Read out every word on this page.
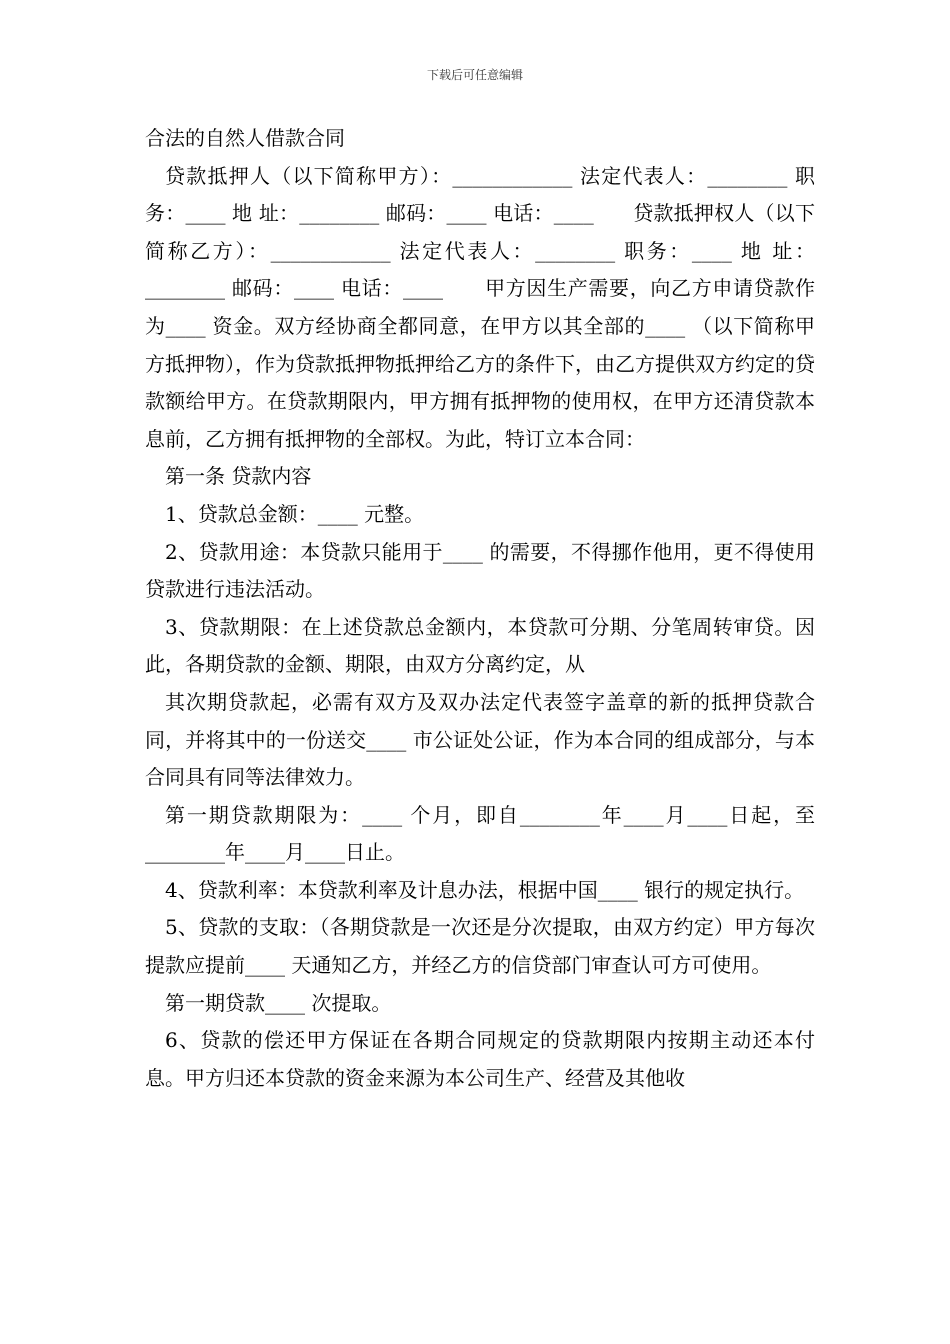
下载后可任意编辑
合法的自然人借款合同

贷款抵押人（以下简称甲方）：____________ 法定代表人：________ 职务：____ 地 址：________ 邮码：____ 电话：____      贷款抵押权人（以下简称乙方）：____________ 法定代表人：________ 职务：____ 地 址：________ 邮码：____ 电话：____      甲方因生产需要，向乙方申请贷款作为____ 资金。双方经协商全都同意，在甲方以其全部的____ （以下简称甲方抵押物），作为贷款抵押物抵押给乙方的条件下，由乙方提供双方约定的贷款额给甲方。在贷款期限内，甲方拥有抵押物的使用权，在甲方还清贷款本息前，乙方拥有抵押物的全部权。为此，特订立本合同：

第一条 贷款内容

1、贷款总金额：____ 元整。

2、贷款用途：本贷款只能用于____ 的需要，不得挪作他用，更不得使用贷款进行违法活动。

3、贷款期限：在上述贷款总金额内，本贷款可分期、分笔周转审贷。因此，各期贷款的金额、期限，由双方分离约定，从

其次期贷款起，必需有双方及双办法定代表签字盖章的新的抵押贷款合同，并将其中的一份送交____ 市公证处公证，作为本合同的组成部分，与本合同具有同等法律效力。

第一期贷款期限为：____ 个月，即自________年____月____日起，至________年____月____日止。

4、贷款利率：本贷款利率及计息办法，根据中国____ 银行的规定执行。

5、贷款的支取：（各期贷款是一次还是分次提取，由双方约定）甲方每次提款应提前____ 天通知乙方，并经乙方的信贷部门审查认可方可使用。

第一期贷款____ 次提取。

6、贷款的偿还甲方保证在各期合同规定的贷款期限内按期主动还本付息。甲方归还本贷款的资金来源为本公司生产、经营及其他收
